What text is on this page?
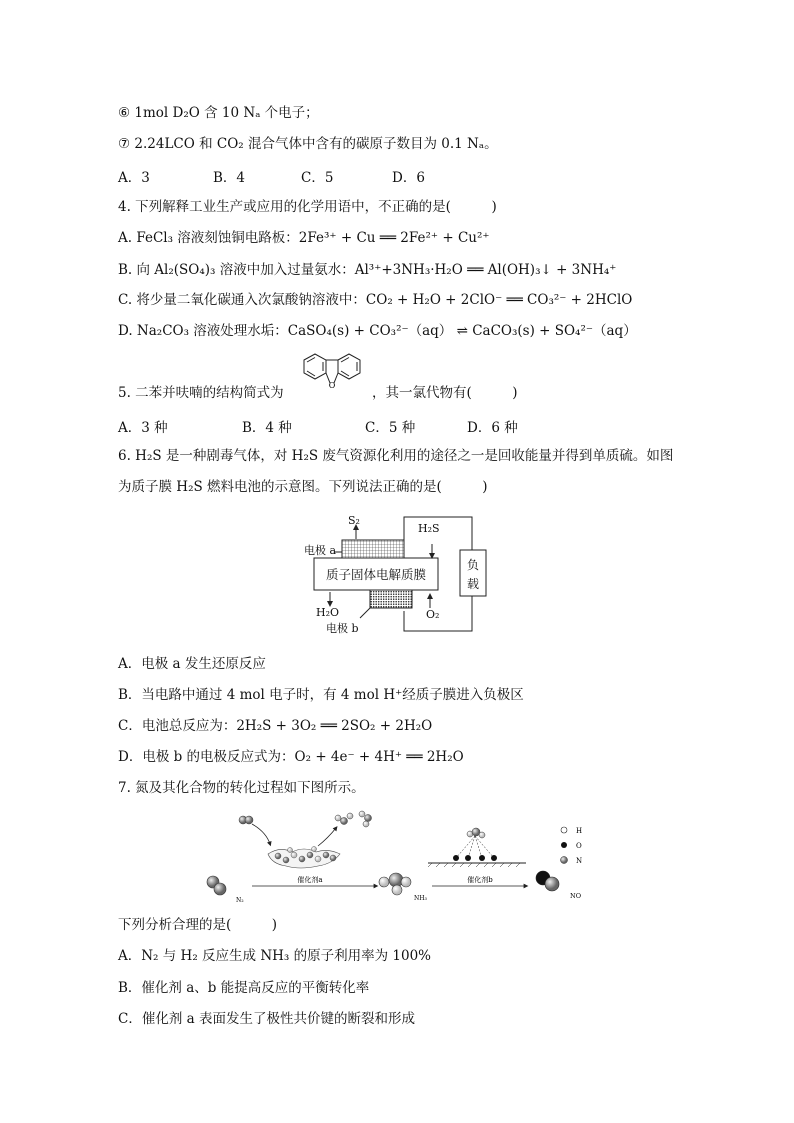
⑥ 1mol D₂O 含 10 Nₐ 个电子；
⑦ 2.24LCO 和 CO₂ 混合气体中含有的碳原子数目为 0.1 Nₐ。
A．3	B．4	C．5	D．6
4. 下列解释工业生产或应用的化学用语中，不正确的是(　　　)
A. FeCl₃ 溶液刻蚀铜电路板：2Fe³⁺ + Cu ══ 2Fe²⁺ + Cu²⁺
B. 向 Al₂(SO₄)₃ 溶液中加入过量氨水：Al³⁺+3NH₃·H₂O ══ Al(OH)₃↓ + 3NH₄⁺
C. 将少量二氧化碳通入次氯酸钠溶液中：CO₂ + H₂O + 2ClO⁻ ══ CO₃²⁻ + 2HClO
D. Na₂CO₃ 溶液处理水垢：CaSO₄(s) + CO₃²⁻（aq） ⇌ CaCO₃(s) + SO₄²⁻（aq）
5. 二苯并呋喃的结构简式为	O	，其一氯代物有(　　　)
A．3 种	B．4 种	C．5 种	D．6 种
6. H₂S 是一种剧毒气体，对 H₂S 废气资源化利用的途径之一是回收能量并得到单质硫。如图
为质子膜 H₂S 燃料电池的示意图。下列说法正确的是(　　　)
S₂
H₂S
电极 a
质子固体电解质膜
负
载
H₂O	O₂
电极 b
A．电极 a 发生还原反应
B．当电路中通过 4 mol 电子时，有 4 mol H⁺经质子膜进入负极区
C．电池总反应为：2H₂S + 3O₂ ══ 2SO₂ + 2H₂O
D．电极 b 的电极反应式为：O₂ + 4e⁻ + 4H⁺ ══ 2H₂O
7. 氮及其化合物的转化过程如下图所示。
N₂
催化剂a
NH₃
催化剂b
NO
H
O
N
下列分析合理的是(　　　)
A．N₂ 与 H₂ 反应生成 NH₃ 的原子利用率为 100%
B．催化剂 a、b 能提高反应的平衡转化率
C．催化剂 a 表面发生了极性共价键的断裂和形成
